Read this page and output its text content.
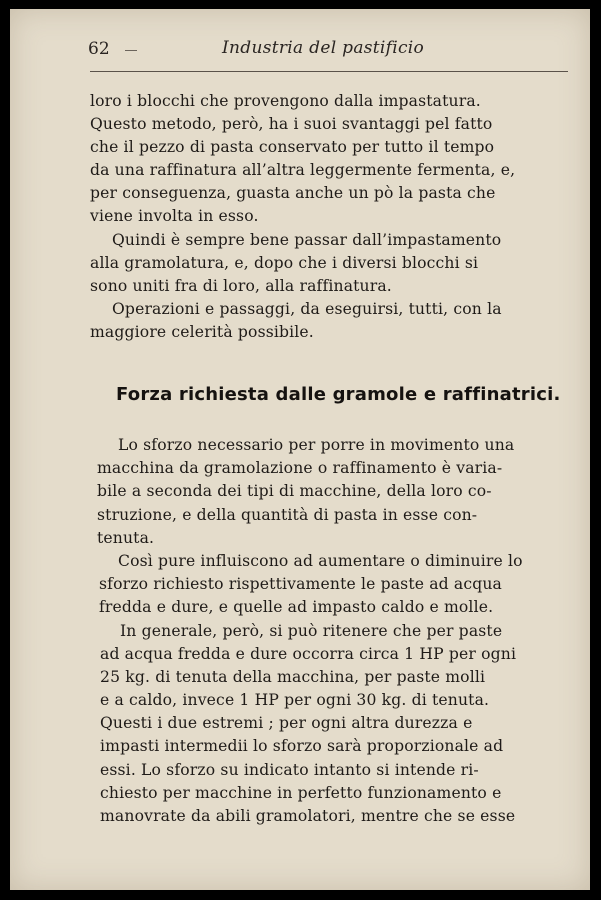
62	Industria del pastificio

loro i blocchi che provengono dalla impastatura.

Questo metodo, però, ha i suoi svantaggi pel fatto

che il pezzo di pasta conservato per tutto il tempo

da una raffinatura all’altra leggermente fermenta, e,

per conseguenza, guasta anche un pò la pasta che

viene involta in esso.

Quindi è sempre bene passar dall’impastamento

alla gramolatura, e, dopo che i diversi blocchi si

sono uniti fra di loro, alla raffinatura.

Operazioni e passaggi, da eseguirsi, tutti, con la

maggiore celerità possibile.

Forza richiesta dalle gramole e raffinatrici.

Lo sforzo necessario per porre in movimento una

macchina da gramolazione o raffinamento è varia-

bile a seconda dei tipi di macchine, della loro co-

struzione, e della quantità di pasta in esse con-

tenuta.

Così pure influiscono ad aumentare o diminuire lo

sforzo richiesto rispettivamente le paste ad acqua

fredda e dure, e quelle ad impasto caldo e molle.

In generale, però, si può ritenere che per paste

ad acqua fredda e dure occorra circa 1 HP per ogni

25 kg. di tenuta della macchina, per paste molli

e a caldo, invece 1 HP per ogni 30 kg. di tenuta.

Questi i due estremi ; per ogni altra durezza e

impasti intermedii lo sforzo sarà proporzionale ad

essi. Lo sforzo su indicato intanto si intende ri-

chiesto per macchine in perfetto funzionamento e

manovrate da abili gramolatori, mentre che se esse
